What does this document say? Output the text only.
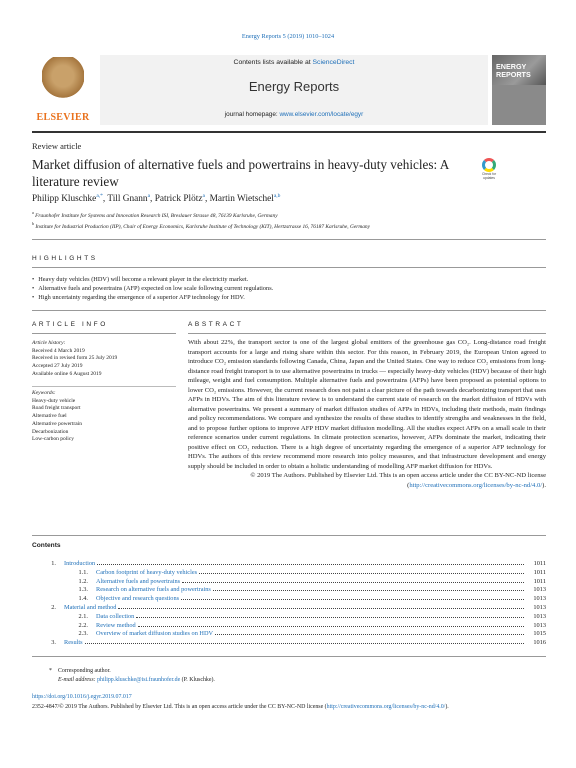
Energy Reports 5 (2019) 1010–1024
ELSEVIER
Contents lists available at ScienceDirect
Energy Reports
journal homepage: www.elsevier.com/locate/egyr
ENERGY
REPORTS
Review article
Market diffusion of alternative fuels and powertrains in heavy-duty vehicles: A literature review	Check for updates
Philipp Kluschke$^{a,*}$, Till Gnann$^a$, Patrick Plötz$^a$, Martin Wietschel$^{a,b}$
$^a$ Fraunhofer Institute for Systems and Innovation Research ISI, Breslauer Strasse 48, 76139 Karlsruhe, Germany
$^b$ Institute for Industrial Production (IIP), Chair of Energy Economics, Karlsruhe Institute of Technology (KIT), Hertzstrasse 16, 76187 Karlsruhe, Germany
HIGHLIGHTS
• Heavy duty vehicles (HDV) will become a relevant player in the electricity market.
• Alternative fuels and powertrains (AFP) expected on low scale following current regulations.
• High uncertainty regarding the emergence of a superior AFP technology for HDV.
ARTICLE INFO	ABSTRACT
Article history:
Received 4 March 2019
Received in revised form 25 July 2019
Accepted 27 July 2019
Available online 6 August 2019
Keywords:
Heavy-duty vehicle
Road freight transport
Alternative fuel
Alternative powertrain
Decarbonization
Low-carbon policy

With about 22%, the transport sector is one of the largest global emitters of the greenhouse gas CO₂. Long-distance road freight transport accounts for a large and rising share within this sector. For this reason, in February 2019, the European Union agreed to introduce CO₂ emission standards following Canada, China, Japan and the United States. One way to reduce CO₂ emissions from long-distance road freight transport is to use alternative powertrains in trucks — especially heavy-duty vehicles (HDV) because of their high mileage, weight and fuel consumption. Multiple alternative fuels and powertrains (AFPs) have been proposed as potential options to lower CO₂ emissions. However, the current research does not paint a clear picture of the path towards decarbonizing transport that uses AFPs in HDVs. The aim of this literature review is to understand the current state of research on the market diffusion of HDVs with alternative powertrains. We present a summary of market diffusion studies of AFPs in HDVs, including their methods, main findings and policy recommendations. We compare and synthesize the results of these studies to identify strengths and weaknesses in the field, and to propose further options to improve AFP HDV market diffusion modelling. All the studies expect AFPs on a small scale in their reference scenarios under current regulations. In climate protection scenarios, however, AFPs dominate the market, indicating their positive effect on CO₂ reduction. There is a high degree of uncertainty regarding the emergence of a superior AFP technology for HDVs. The authors of this review recommend more research into policy measures, and that infrastructure development and energy supply should be included in order to obtain a holistic understanding of modelling AFP market diffusion for HDVs.

© 2019 The Authors. Published by Elsevier Ltd. This is an open access article under the CC BY-NC-ND license (http://creativecommons.org/licenses/by-nc-nd/4.0/).

Contents
1.	Introduction	1011
1.1.	Carbon footprint of heavy-duty vehicles	1011
1.2.	Alternative fuels and powertrains	1011
1.3.	Research on alternative fuels and powertrains	1013
1.4.	Objective and research questions	1013
2.	Material and method	1013
2.1.	Data collection	1013
2.2.	Review method	1013
2.3.	Overview of market diffusion studies on HDV	1015
3.	Results	1016
* Corresponding author.
E-mail address: philipp.kluschke@isi.fraunhofer.de (P. Kluschke).
https://doi.org/10.1016/j.egyr.2019.07.017
2352-4847/© 2019 The Authors. Published by Elsevier Ltd. This is an open access article under the CC BY-NC-ND license (http://creativecommons.org/licenses/by-nc-nd/4.0/).
